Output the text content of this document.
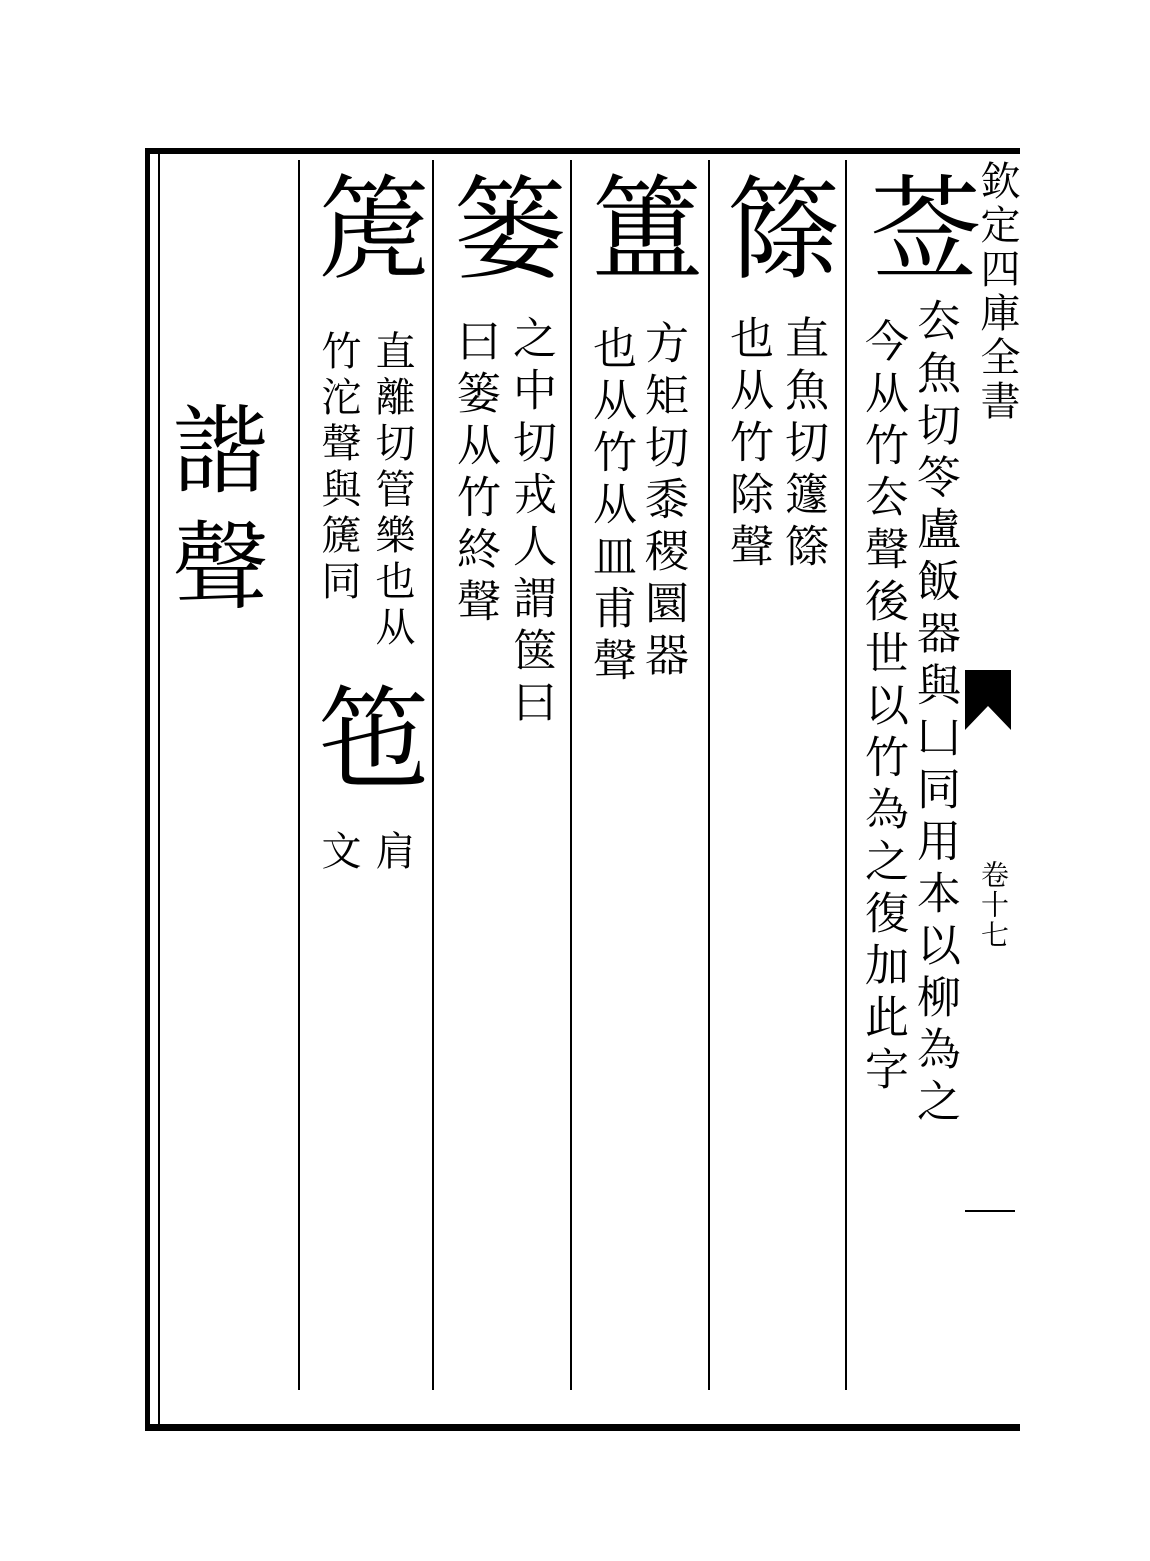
諧聲
莶
厺魚切笭盧飯器與凵同用本以柳為之
今从竹厺聲後世以竹為之復加此字
篨
直魚切籧篨
也从竹除聲
簠
方矩切黍稷圜器
也从竹从皿甫聲
篓
之中切戎人謂箧曰
曰篓从竹終聲
箎
直離切管樂也从
竹沱聲與篪同
竾
肩
文
欽定四庫全書
卷十七
